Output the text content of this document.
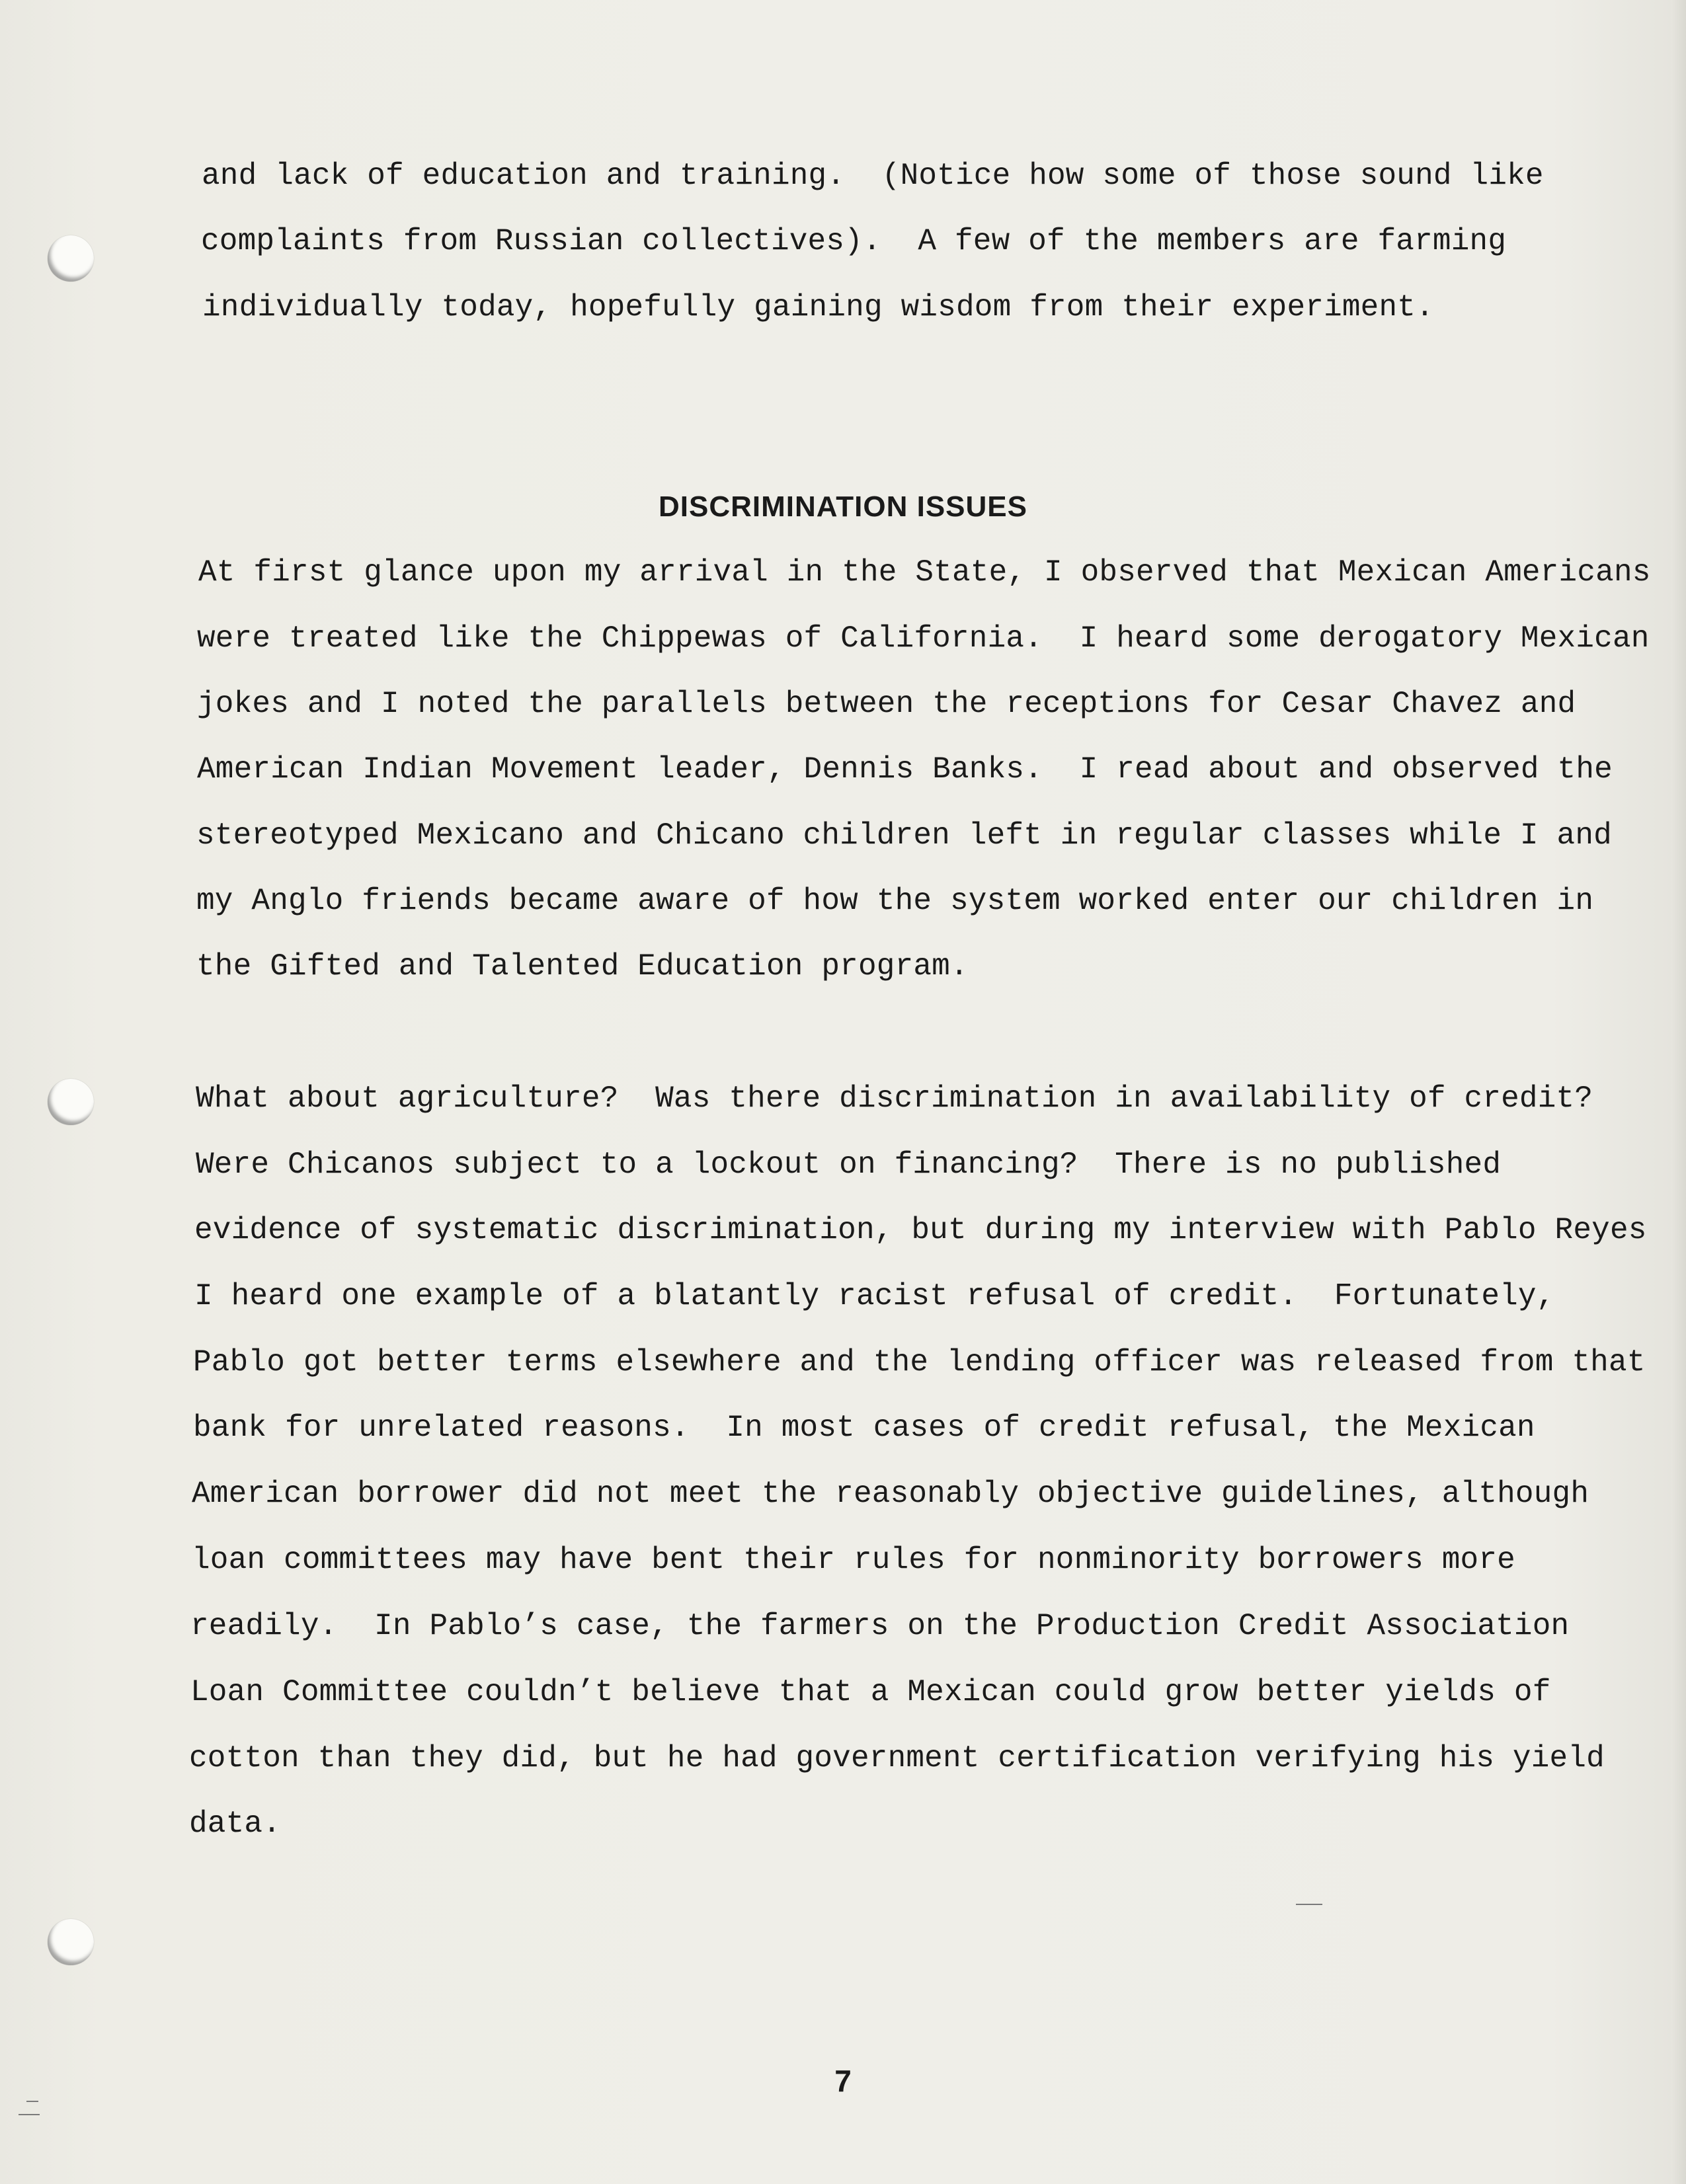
and lack of education and training.  (Notice how some of those sound like
complaints from Russian collectives).  A few of the members are farming
individually today, hopefully gaining wisdom from their experiment.
DISCRIMINATION ISSUES
At first glance upon my arrival in the State, I observed that Mexican Americans
were treated like the Chippewas of California.  I heard some derogatory Mexican
jokes and I noted the parallels between the receptions for Cesar Chavez and
American Indian Movement leader, Dennis Banks.  I read about and observed the
stereotyped Mexicano and Chicano children left in regular classes while I and
my Anglo friends became aware of how the system worked enter our children in
the Gifted and Talented Education program.
What about agriculture?  Was there discrimination in availability of credit?
Were Chicanos subject to a lockout on financing?  There is no published
evidence of systematic discrimination, but during my interview with Pablo Reyes
I heard one example of a blatantly racist refusal of credit.  Fortunately,
Pablo got better terms elsewhere and the lending officer was released from that
bank for unrelated reasons.  In most cases of credit refusal, the Mexican
American borrower did not meet the reasonably objective guidelines, although
loan committees may have bent their rules for nonminority borrowers more
readily.  In Pablo’s case, the farmers on the Production Credit Association
Loan Committee couldn’t believe that a Mexican could grow better yields of
cotton than they did, but he had government certification verifying his yield
data.
7
